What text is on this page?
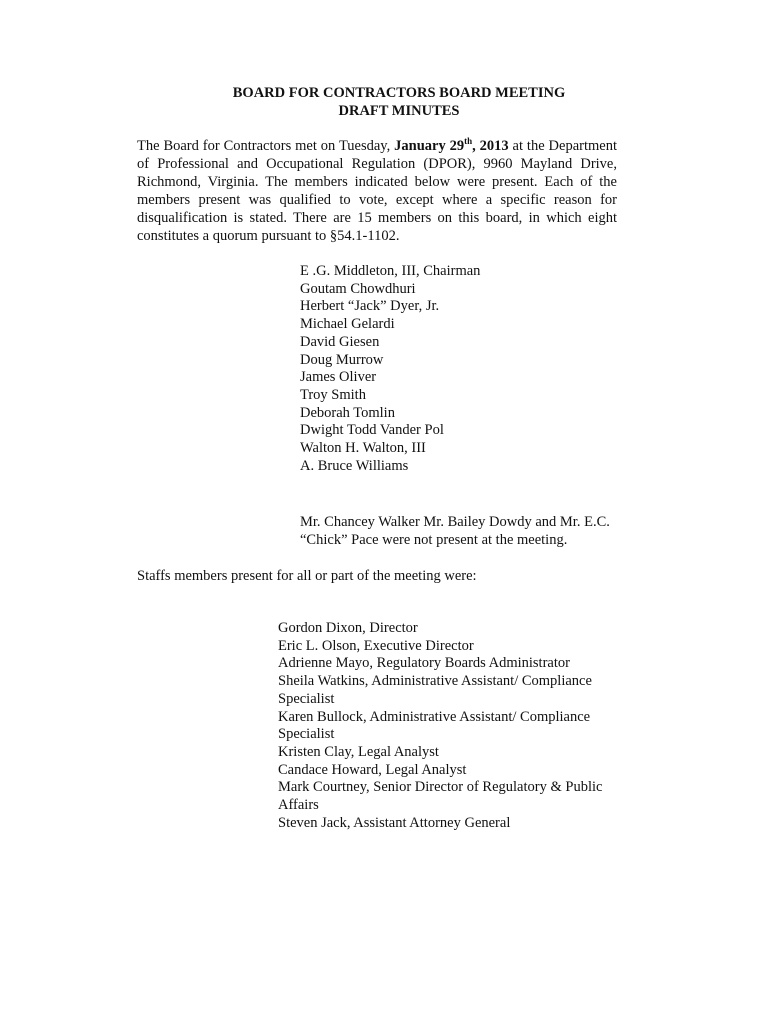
BOARD FOR CONTRACTORS BOARD MEETING
DRAFT MINUTES

The Board for Contractors met on Tuesday, January 29th, 2013 at the Department of Professional and Occupational Regulation (DPOR), 9960 Mayland Drive, Richmond, Virginia. The members indicated below were present. Each of the members present was qualified to vote, except where a specific reason for disqualification is stated. There are 15 members on this board, in which eight constitutes a quorum pursuant to §54.1-1102.

E .G. Middleton, III, Chairman
Goutam Chowdhuri
Herbert “Jack” Dyer, Jr.
Michael Gelardi
David Giesen
Doug Murrow
James Oliver
Troy Smith
Deborah Tomlin
Dwight Todd Vander Pol
Walton H. Walton, III
A. Bruce Williams
Mr. Chancey Walker Mr. Bailey Dowdy and Mr. E.C. “Chick” Pace were not present at the meeting.
Staffs members present for all or part of the meeting were:
Gordon Dixon, Director
Eric L. Olson, Executive Director
Adrienne Mayo, Regulatory Boards Administrator
Sheila Watkins, Administrative Assistant/ Compliance Specialist
Karen Bullock, Administrative Assistant/ Compliance Specialist
Kristen Clay, Legal Analyst
Candace Howard, Legal Analyst
Mark Courtney, Senior Director of Regulatory & Public Affairs
Steven Jack, Assistant Attorney General
